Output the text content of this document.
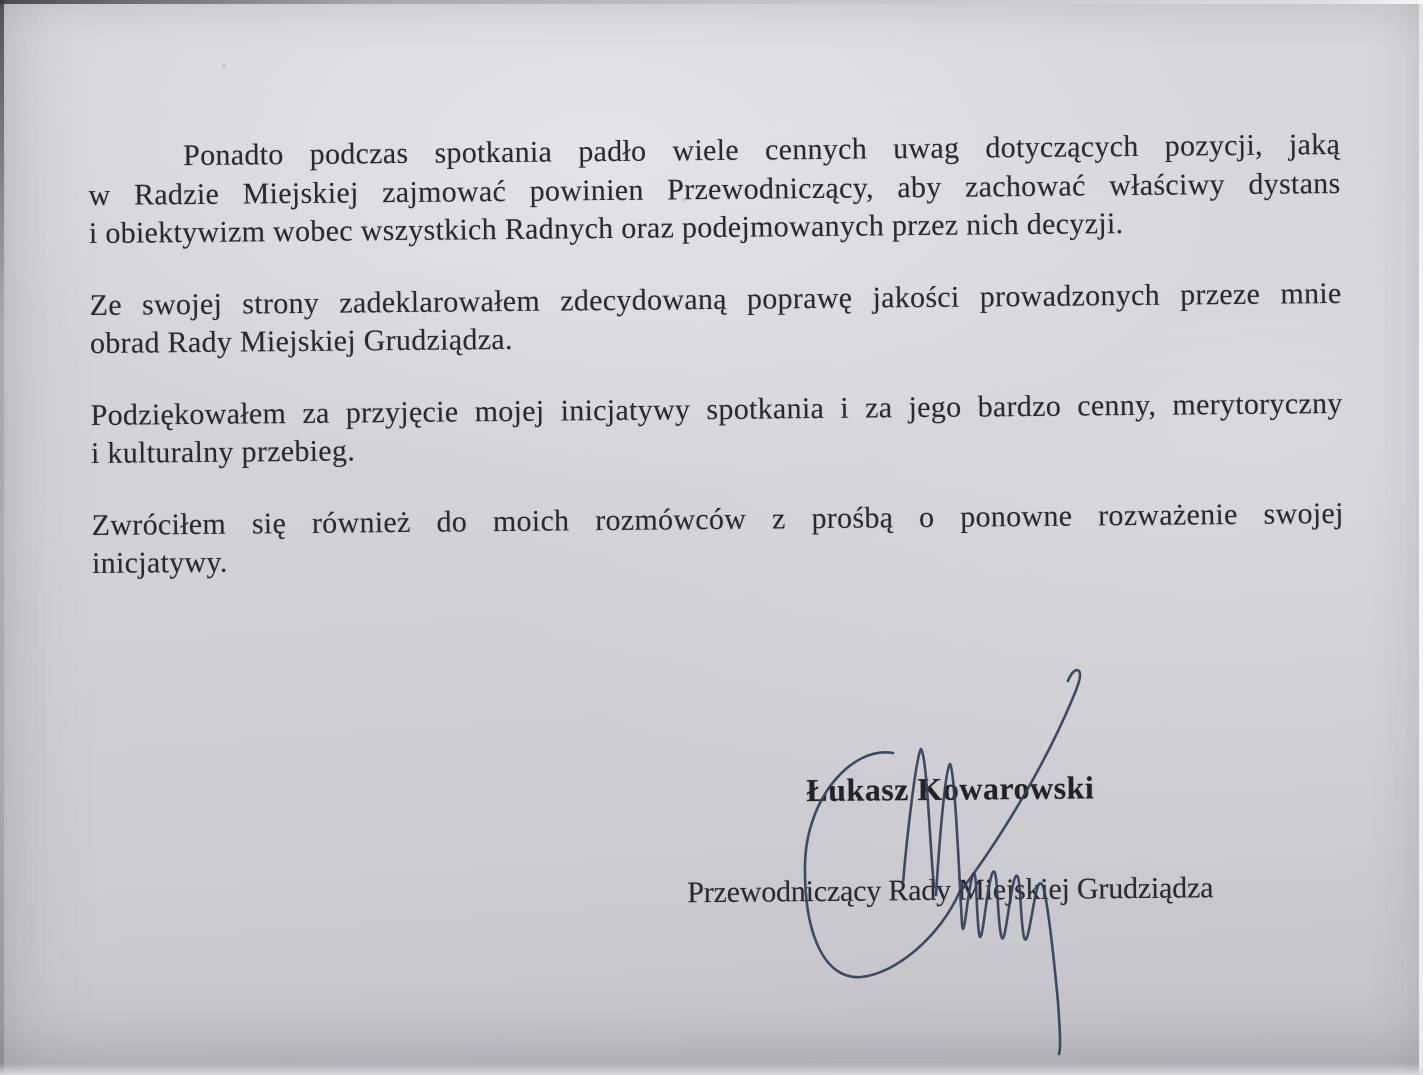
Ponadto podczas spotkania padło wiele cennych uwag dotyczących pozycji, jaką
w Radzie Miejskiej zajmować powinien Przewodniczący, aby zachować właściwy dystans
i obiektywizm wobec wszystkich Radnych oraz podejmowanych przez nich decyzji.

Ze swojej strony zadeklarowałem zdecydowaną poprawę jakości prowadzonych przeze mnie
obrad Rady Miejskiej Grudziądza.

Podziękowałem za przyjęcie mojej inicjatywy spotkania i za jego bardzo cenny, merytoryczny
i kulturalny przebieg.

Zwróciłem się również do moich rozmówców z prośbą o ponowne rozważenie swojej
inicjatywy.

Łukasz Kowarowski
Przewodniczący Rady Miejskiej Grudziądza
